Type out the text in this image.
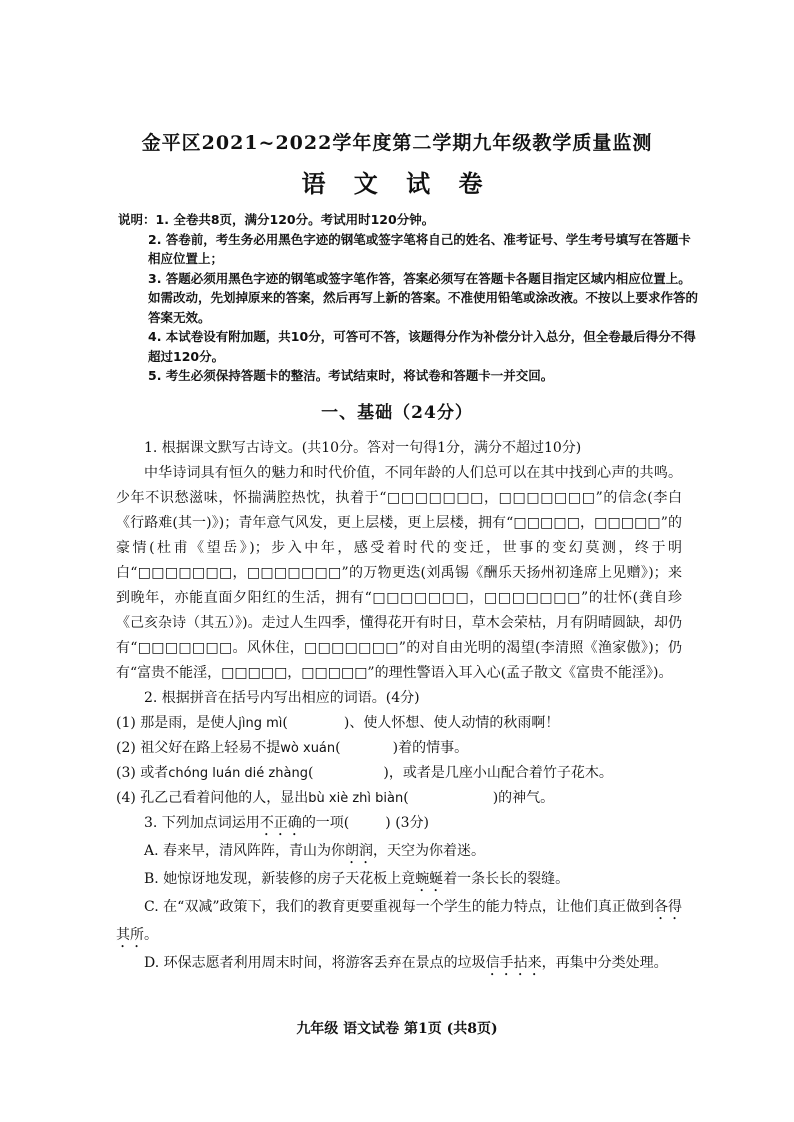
金平区2021~2022学年度第二学期九年级教学质量监测
语 文 试 卷
说明： 1. 全卷共8页，满分120分。考试用时120分钟。
2. 答卷前，考生务必用黑色字迹的钢笔或签字笔将自己的姓名、准考证号、学生考号填写在答题卡相应位置上；
3. 答题必须用黑色字迹的钢笔或签字笔作答，答案必须写在答题卡各题目指定区域内相应位置上。如需改动，先划掉原来的答案，然后再写上新的答案。不准使用铅笔或涂改液。不按以上要求作答的答案无效。
4. 本试卷设有附加题，共10分，可答可不答，该题得分作为补偿分计入总分，但全卷最后得分不得超过120分。
5. 考生必须保持答题卡的整洁。考试结束时，将试卷和答题卡一并交回。
一、基础（24分）

1. 根据课文默写古诗文。(共10分。答对一句得1分，满分不超过10分)

中华诗词具有恒久的魅力和时代价值，不同年龄的人们总可以在其中找到心声的共鸣。少年不识愁滋味，怀揣满腔热忱，执着于“□□□□□□□，□□□□□□□”的信念(李白《行路难(其一)》)；青年意气风发，更上层楼，更上层楼，拥有“□□□□□，□□□□□”的豪情(杜甫《望岳》)；步入中年，感受着时代的变迁，世事的变幻莫测，终于明白“□□□□□□□，□□□□□□□”的万物更迭(刘禹锡《酬乐天扬州初逢席上见赠》)；来到晚年，亦能直面夕阳红的生活，拥有“□□□□□□□，□□□□□□□”的壮怀(龚自珍《己亥杂诗（其五）》)。走过人生四季，懂得花开有时日，草木会荣枯，月有阴晴圆缺，却仍有“□□□□□□□。风休住，□□□□□□□”的对自由光明的渴望(李清照《渔家傲》)；仍有“富贵不能淫，□□□□□，□□□□□”的理性警语入耳入心(孟子散文《富贵不能淫》)。

2. 根据拼音在括号内写出相应的词语。(4分)

(1) 那是雨，是使人jìng mì(	)、使人怀想、使人动情的秋雨啊！

(2) 祖父好在路上轻易不提wò xuán(	)着的情事。

(3) 或者chóng luán dié zhàng(	)，或者是几座小山配合着竹子花木。

(4) 孔乙己看着问他的人，显出bù xiè zhì biàn(	)的神气。

3. 下列加点词运用不正确的一项(	) (3分)

A. 春来早，清风阵阵，青山为你朗润，天空为你着迷。

B. 她惊讶地发现，新装修的房子天花板上竟蜿蜒着一条长长的裂缝。

C. 在“双减”政策下，我们的教育更要重视每一个学生的能力特点，让他们真正做到各得其所。

D. 环保志愿者利用周末时间，将游客丢弃在景点的垃圾信手拈来，再集中分类处理。

九年级 语文试卷 第1页 (共8页)
